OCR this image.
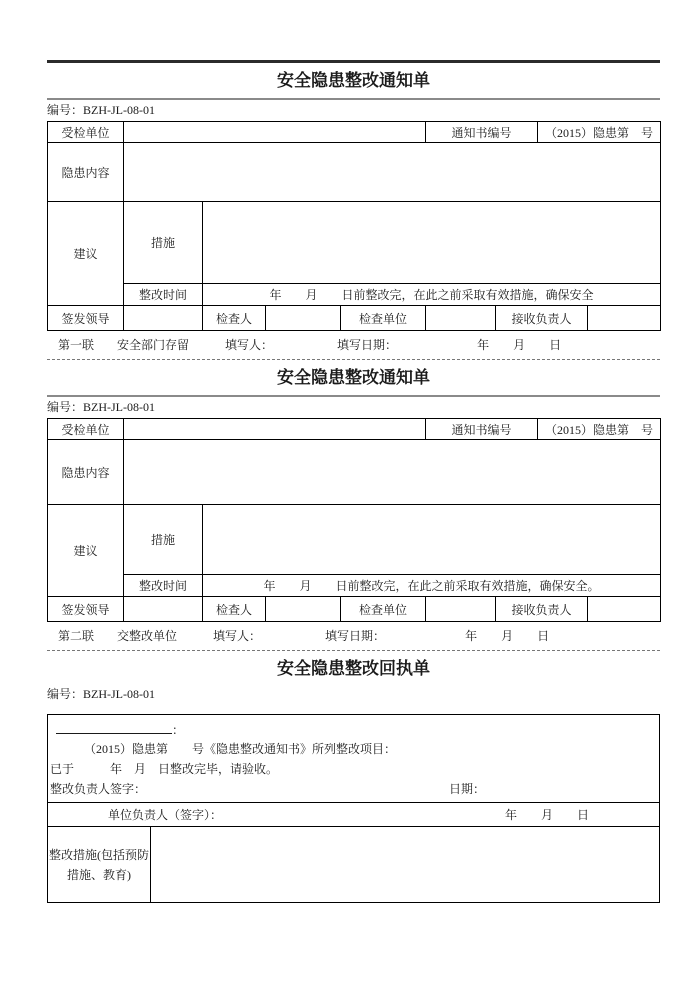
安全隐患整改通知单
编号：BZH-JL-08-01
受检单位					通知书编号		（2015）隐患第　号	
隐患内容								
建议	措施							
	整改时间	年　　月　　日前整改完，在此之前采取有效措施，确保安全						
签发领导		检查人		检查单位		接收负责人		
第一联 安全部门存留	填写人：	填写日期：	年　　月　　日
安全隐患整改通知单
编号：BZH-JL-08-01
受检单位					通知书编号		（2015）隐患第　号	
隐患内容								
建议	措施							
	整改时间	年　　月　　日前整改完，在此之前采取有效措施，确保安全。						
签发领导		检查人		检查单位		接收负责人		
第二联 交整改单位	填写人：	填写日期：	年　　月　　日
安全隐患整改回执单
编号：BZH-JL-08-01
：
（2015）隐患第　　号《隐患整改通知书》所列整改项目：
已于　　　年　月　日整改完毕，请验收。
整改负责人签字：	日期：
单位负责人（签字）：	年　　月　　日
整改措施(包括预防措施、教育)
